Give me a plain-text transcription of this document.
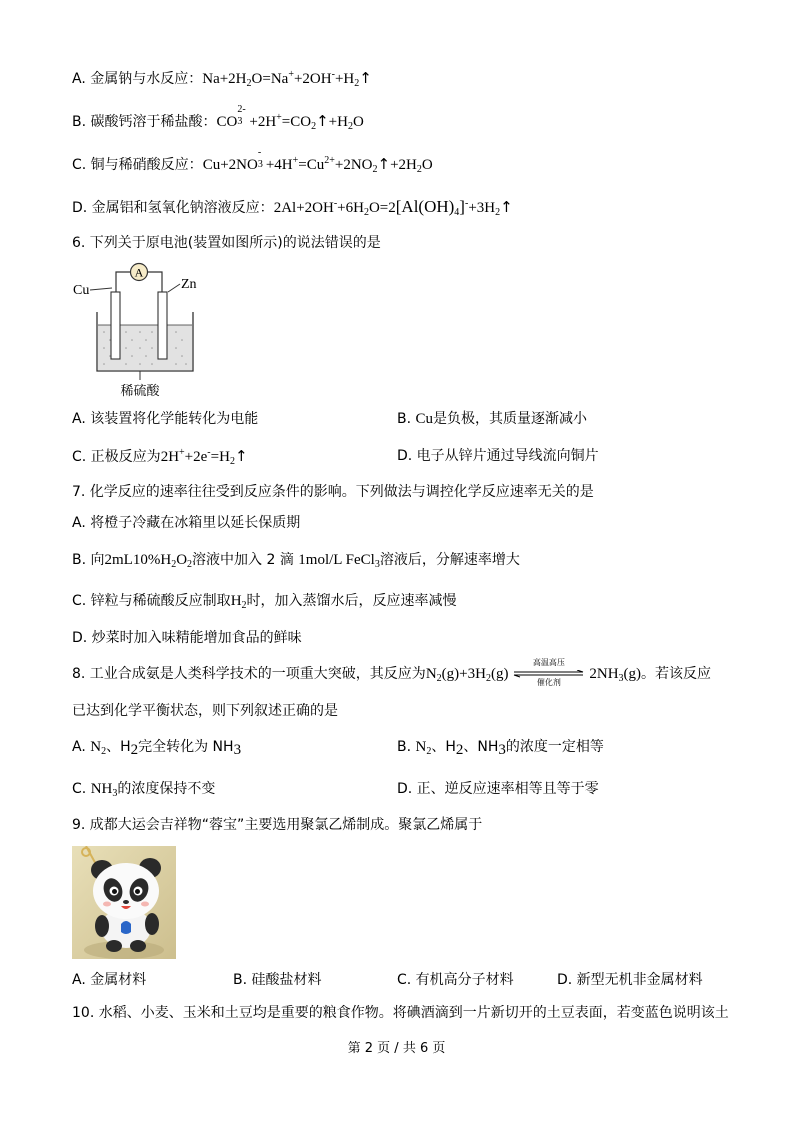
A. 金属钠与水反应：$Na+2H_2O=Na^++2OH^-+H_2↑$
B. 碳酸钙溶于稀盐酸：CO
2-
$3 +2H^+=CO_2↑+H_2O$
C. 铜与稀硝酸反应：Cu+2NO
-
$3 +4H^+=Cu^{2+}+2NO_2↑+2H_2O$
D. 金属铝和氢氧化钠溶液反应：$2Al+2OH^-+6H_2O=2[Al(OH)_4]^-+3H_2↑$
6. 下列关于原电池(装置如图所示)的说法错误的是
A
Cu	Zn
稀硫酸
A. 该装置将化学能转化为电能	B. Cu是负极，其质量逐渐减小
C. 正极反应为$2H^++2e^-=H_2↑$	D. 电子从锌片通过导线流向铜片
7. 化学反应的速率往往受到反应条件的影响。下列做法与调控化学反应速率无关的是
A. 将橙子冷藏在冰箱里以延长保质期
B. 向$2mL10\%H_2O_2$溶液中加入 2 滴 1mol/L FeCl$_3$溶液后，分解速率增大
C. 锌粒与稀硫酸反应制取$H_2$时，加入蒸馏水后，反应速率减慢
D. 炒菜时加入味精能增加食品的鲜味
8. 工业合成氨是人类科学技术的一项重大突破，其反应为$N_2(g)+3H_2(g)$
高温高压
催化剂
$2NH_3(g)$。若该反应
已达到化学平衡状态，则下列叙述正确的是
A. $N_2$、$H_2$完全转化为 $NH_3$	B. $N_2$、$H_2$、$NH_3$的浓度一定相等
C. $NH_3$的浓度保持不变	D. 正、逆反应速率相等且等于零
9. 成都大运会吉祥物“蓉宝”主要选用聚氯乙烯制成。聚氯乙烯属于
A. 金属材料	B. 硅酸盐材料	C. 有机高分子材料	D. 新型无机非金属材料
10. 水稻、小麦、玉米和土豆均是重要的粮食作物。将碘酒滴到一片新切开的土豆表面，若变蓝色说明该土
第 2 页 / 共 6 页
